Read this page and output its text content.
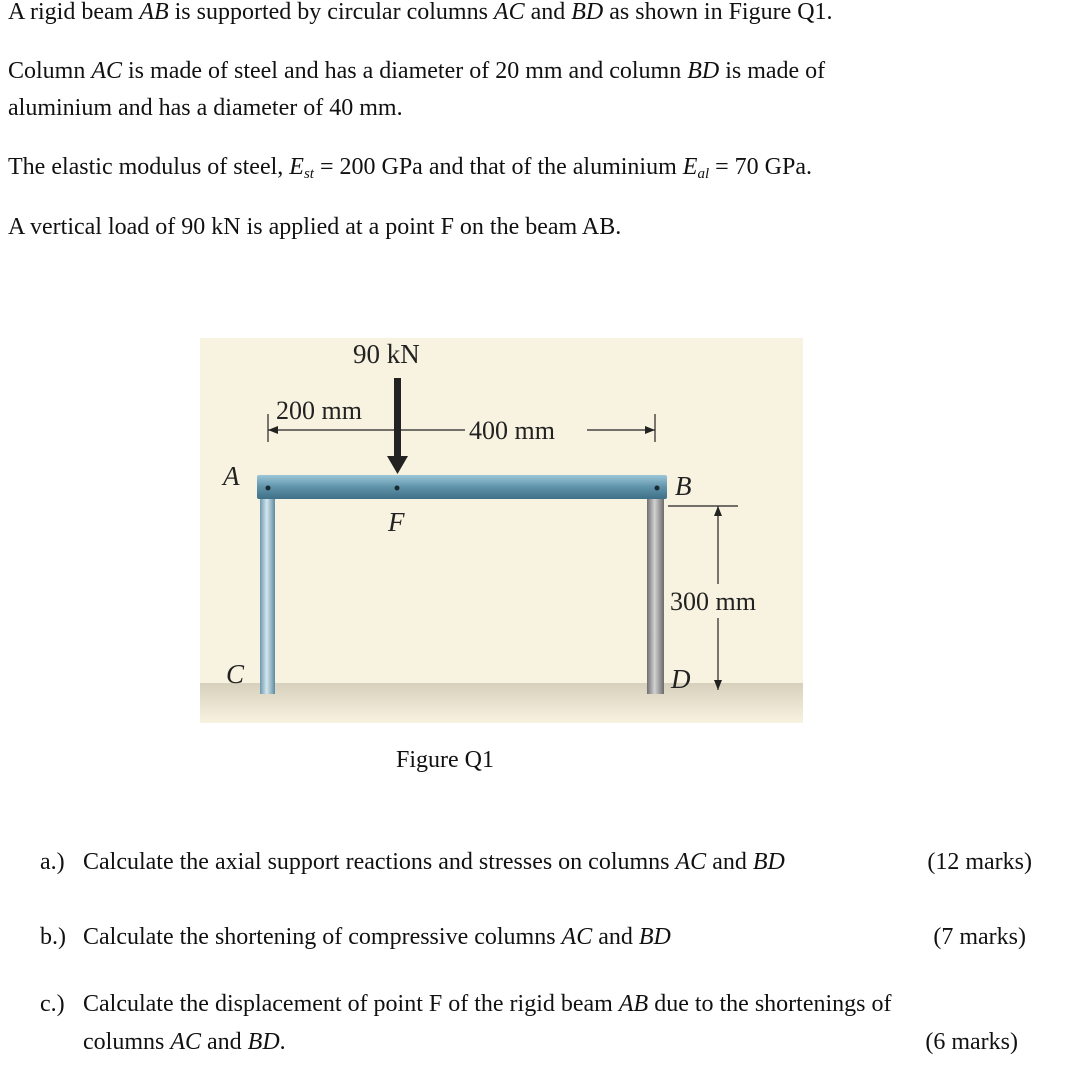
A rigid beam AB is supported by circular columns AC and BD as shown in Figure Q1.

Column AC is made of steel and has a diameter of 20 mm and column BD is made of

aluminium and has a diameter of 40 mm.

The elastic modulus of steel, $E_{st} = 200$ GPa and that of the aluminium $E_{al} = 70$ GPa.

A vertical load of 90 kN is applied at a point F on the beam AB.

90 kN
200 mm
400 mm
300 mm
A	B
F
C	D
Figure Q1
a.) Calculate the axial support reactions and stresses on columns AC and BD	(12 marks)
b.) Calculate the shortening of compressive columns AC and BD	(7 marks)
c.) Calculate the displacement of point F of the rigid beam AB due to the shortenings of

columns AC and BD.	(6 marks)
